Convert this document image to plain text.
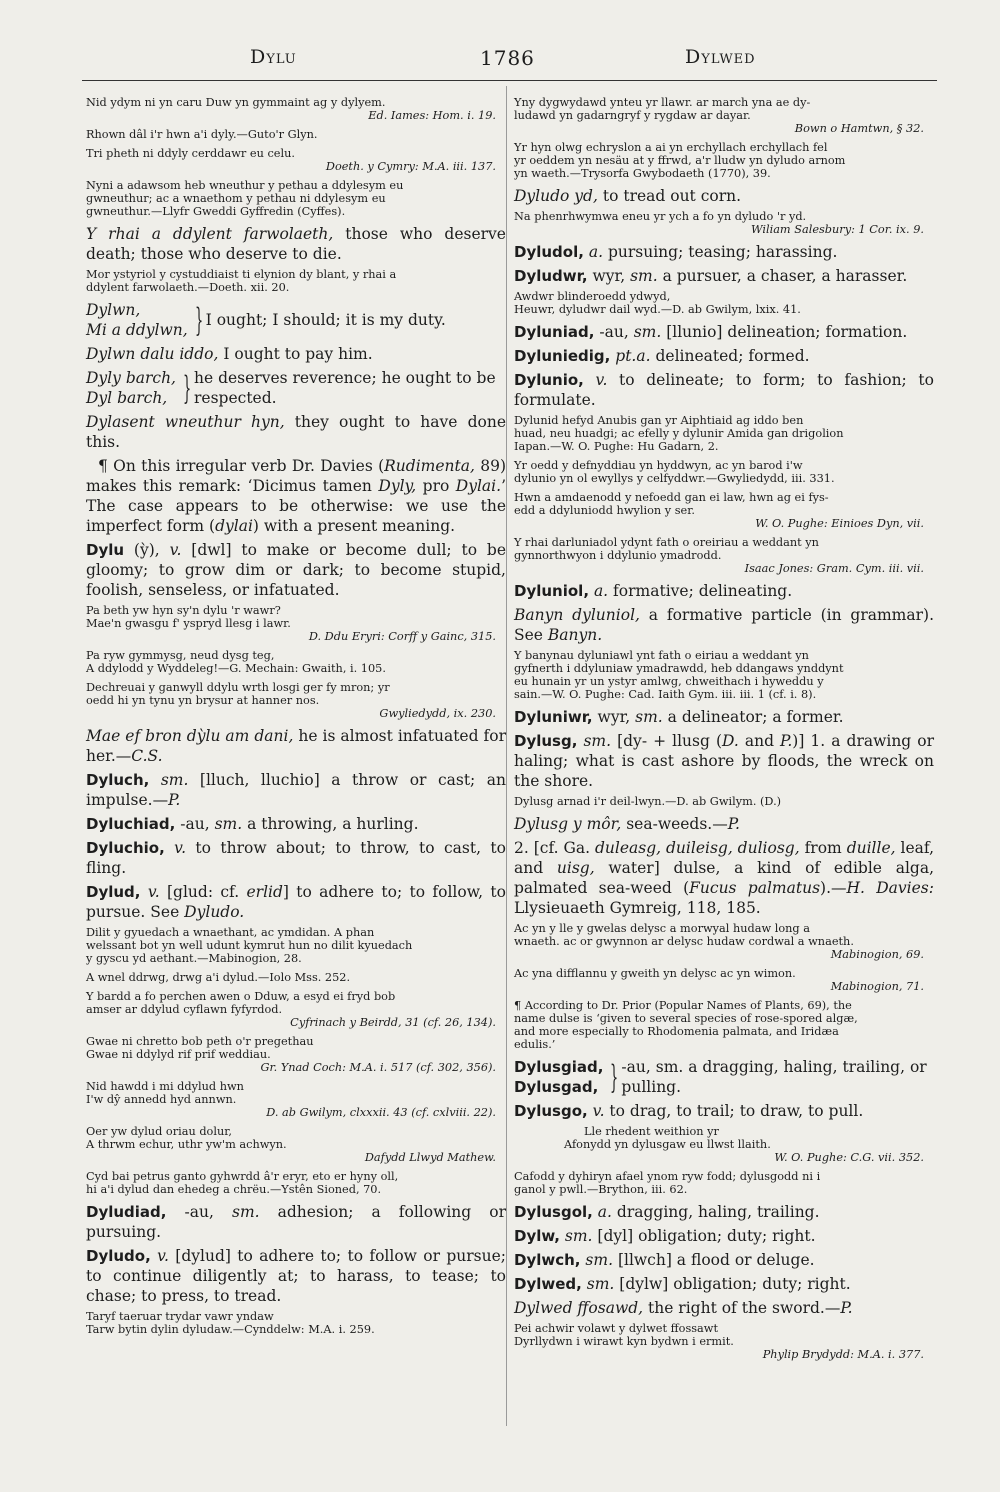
Dylu	1786	Dylwed
Nid ydym ni yn caru Duw yn gymmaint ag y dylyem.
Ed. Iames: Hom. i. 19.
Rhown dâl i'r hwn a'i dyly.—Guto'r Glyn.
Tri pheth ni ddyly cerddawr eu celu.
Doeth. y Cymry: M.A. iii. 137.
Nyni a adawsom heb wneuthur y pethau a ddylesym eu
gwneuthur; ac a wnaethom y pethau ni ddylesym eu
gwneuthur.—Llyfr Gweddi Gyffredin (Cyffes).

Y rhai a ddylent farwolaeth, those who deserve death; those who deserve to die.

Mor ystyriol y cystuddiaist ti elynion dy blant, y rhai a
ddylent farwolaeth.—Doeth. xii. 20.
Dylwn,
Mi a ddylwn, } I ought; I should; it is my duty.

Dylwn dalu iddo, I ought to pay him.

Dyly barch,
Dyl barch, } he deserves reverence; he ought to be respected.

Dylasent wneuthur hyn, they ought to have done this.

¶ On this irregular verb Dr. Davies (Rudimenta, 89) makes this remark: ‘Dicimus tamen Dyly, pro Dylai.’ The case appears to be otherwise: we use the imperfect form (dylai) with a present meaning.

Dylu (ỳ), v. [dwl] to make or become dull; to be gloomy; to grow dim or dark; to become stupid, foolish, senseless, or infatuated.

Pa beth yw hyn sy'n dylu 'r wawr?
Mae'n gwasgu f' yspryd llesg i lawr.
D. Ddu Eryri: Corff y Gainc, 315.
Pa ryw gymmysg, neud dysg teg,
A ddylodd y Wyddeleg!—G. Mechain: Gwaith, i. 105.
Dechreuai y ganwyll ddylu wrth losgi ger fy mron; yr
oedd hi yn tynu yn brysur at hanner nos.
Gwyliedydd, ix. 230.

Mae ef bron dỳlu am dani, he is almost infatuated for her.—C.S.

Dyluch, sm. [lluch, lluchio] a throw or cast; an impulse.—P.

Dyluchiad, -au, sm. a throwing, a hurling.

Dyluchio, v. to throw about; to throw, to cast, to fling.

Dylud, v. [glud: cf. erlid] to adhere to; to follow, to pursue. See Dyludo.

Dilit y gyuedach a wnaethant, ac ymdidan. A phan
welssant bot yn well udunt kymrut hun no dilit kyuedach
y gyscu yd aethant.—Mabinogion, 28.
A wnel ddrwg, drwg a'i dylud.—Iolo Mss. 252.
Y bardd a fo perchen awen o Dduw, a esyd ei fryd bob
amser ar ddylud cyflawn fyfyrdod.
Cyfrinach y Beirdd, 31 (cf. 26, 134).
Gwae ni chretto bob peth o'r pregethau
Gwae ni ddylyd rif prif weddiau.
Gr. Ynad Coch: M.A. i. 517 (cf. 302, 356).
Nid hawdd i mi ddylud hwn
I'w dŷ annedd hyd annwn.
D. ab Gwilym, clxxxii. 43 (cf. cxlviii. 22).
Oer yw dylud oriau dolur,
A thrwm echur, uthr yw'm achwyn.
Dafydd Llwyd Mathew.
Cyd bai petrus ganto gyhwrdd â'r eryr, eto er hyny oll,
hi a'i dylud dan ehedeg a chrëu.—Ystên Sioned, 70.

Dyludiad, -au, sm. adhesion; a following or pursuing.

Dyludo, v. [dylud] to adhere to; to follow or pursue; to continue diligently at; to harass, to tease; to chase; to press, to tread.

Taryf taeruar trydar vawr yndaw
Tarw bytin dylin dyludaw.—Cynddelw: M.A. i. 259.
Yny dygwydawd ynteu yr llawr. ar march yna ae dy-
ludawd yn gadarngryf y rygdaw ar dayar.
Bown o Hamtwn, § 32.
Yr hyn olwg echryslon a ai yn erchyllach erchyllach fel
yr oeddem yn nesäu at y ffrwd, a'r lludw yn dyludo arnom
yn waeth.—Trysorfa Gwybodaeth (1770), 39.

Dyludo yd, to tread out corn.

Na phenrhwymwa eneu yr ych a fo yn dyludo 'r yd.
Wiliam Salesbury: 1 Cor. ix. 9.

Dyludol, a. pursuing; teasing; harassing.

Dyludwr, wyr, sm. a pursuer, a chaser, a harasser.

Awdwr blinderoedd ydwyd,
Heuwr, dyludwr dail wyd.—D. ab Gwilym, lxix. 41.

Dyluniad, -au, sm. [llunio] delineation; formation.

Dyluniedig, pt.a. delineated; formed.

Dylunio, v. to delineate; to form; to fashion; to formulate.

Dylunid hefyd Anubis gan yr Aiphtiaid ag iddo ben
huad, neu huadgi; ac efelly y dylunir Amida gan drigolion
Iapan.—W. O. Pughe: Hu Gadarn, 2.
Yr oedd y defnyddiau yn hyddwyn, ac yn barod i'w
dylunio yn ol ewyllys y celfyddwr.—Gwyliedydd, iii. 331.
Hwn a amdaenodd y nefoedd gan ei law, hwn ag ei fys-
edd a ddyluniodd hwylion y ser.
W. O. Pughe: Einioes Dyn, vii.
Y rhai darluniadol ydynt fath o oreiriau a weddant yn
gynnorthwyon i ddylunio ymadrodd.
Isaac Jones: Gram. Cym. iii. vii.

Dyluniol, a. formative; delineating.

Banyn dyluniol, a formative particle (in grammar). See Banyn.

Y banynau dyluniawl ynt fath o eiriau a weddant yn
gyfnerth i ddyluniaw ymadrawdd, heb ddangaws ynddynt
eu hunain yr un ystyr amlwg, chweithach i hyweddu y
sain.—W. O. Pughe: Cad. Iaith Gym. iii. iii. 1 (cf. i. 8).

Dyluniwr, wyr, sm. a delineator; a former.

Dylusg, sm. [dy- + llusg (D. and P.)] 1. a drawing or haling; what is cast ashore by floods, the wreck on the shore.

Dylusg arnad i'r deil-lwyn.—D. ab Gwilym. (D.)

Dylusg y môr, sea-weeds.—P.

2. [cf. Ga. duleasg, duileisg, duliosg, from duille, leaf, and uisg, water] dulse, a kind of edible alga, palmated sea-weed (Fucus palmatus).—H. Davies: Llysieuaeth Gymreig, 118, 185.

Ac yn y lle y gwelas delysc a morwyal hudaw long a
wnaeth. ac or gwynnon ar delysc hudaw cordwal a wnaeth.
Mabinogion, 69.
Ac yna difflannu y gweith yn delysc ac yn wimon.
Mabinogion, 71.
¶ According to Dr. Prior (Popular Names of Plants, 69), the
name dulse is ‘given to several species of rose-spored algæ,
and more especially to Rhodomenia palmata, and Iridæa
edulis.’
Dylusgiad,
Dylusgad, } -au, sm. a dragging, haling, trailing, or pulling.

Dylusgo, v. to drag, to trail; to draw, to pull.

Lle rhedent weithion yr
Afonydd yn dylusgaw eu llwst llaith.
W. O. Pughe: C.G. vii. 352.
Cafodd y dyhiryn afael ynom ryw fodd; dylusgodd ni i
ganol y pwll.—Brython, iii. 62.

Dylusgol, a. dragging, haling, trailing.

Dylw, sm. [dyl] obligation; duty; right.

Dylwch, sm. [llwch] a flood or deluge.

Dylwed, sm. [dylw] obligation; duty; right.

Dylwed ffosawd, the right of the sword.—P.

Pei achwir volawt y dylwet ffossawt
Dyrllydwn i wirawt kyn bydwn i ermit.
Phylip Brydydd: M.A. i. 377.
